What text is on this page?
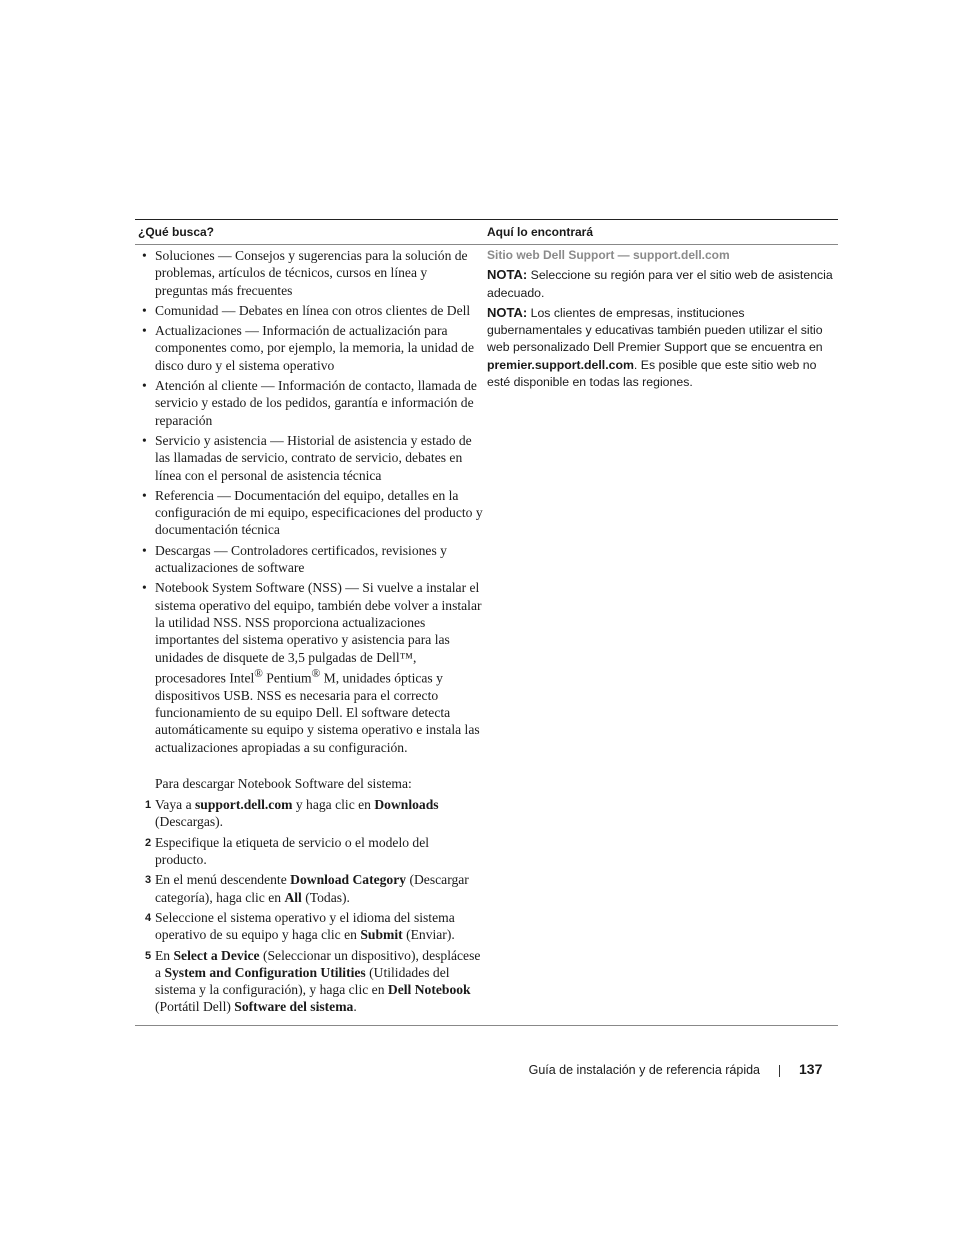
¿Qué busca?	Aquí lo encontrará
• Soluciones — Consejos y sugerencias para la solución de problemas, artículos de técnicos, cursos en línea y preguntas más frecuentes
• Comunidad — Debates en línea con otros clientes de Dell
• Actualizaciones — Información de actualización para componentes como, por ejemplo, la memoria, la unidad de disco duro y el sistema operativo
• Atención al cliente — Información de contacto, llamada de servicio y estado de los pedidos, garantía e información de reparación
• Servicio y asistencia — Historial de asistencia y estado de las llamadas de servicio, contrato de servicio, debates en línea con el personal de asistencia técnica
• Referencia — Documentación del equipo, detalles en la configuración de mi equipo, especificaciones del producto y documentación técnica
• Descargas — Controladores certificados, revisiones y actualizaciones de software
• Notebook System Software (NSS) — Si vuelve a instalar el sistema operativo del equipo, también debe volver a instalar la utilidad NSS. NSS proporciona actualizaciones importantes del sistema operativo y asistencia para las unidades de disquete de 3,5 pulgadas de Dell™, procesadores Intel® Pentium® M, unidades ópticas y dispositivos USB. NSS es necesaria para el correcto funcionamiento de su equipo Dell. El software detecta automáticamente su equipo y sistema operativo e instala las actualizaciones apropiadas a su configuración.
Para descargar Notebook Software del sistema:
1 Vaya a support.dell.com y haga clic en Downloads (Descargas).
2 Especifique la etiqueta de servicio o el modelo del producto.
3 En el menú descendente Download Category (Descargar categoría), haga clic en All (Todas).
4 Seleccione el sistema operativo y el idioma del sistema operativo de su equipo y haga clic en Submit (Enviar).
5 En Select a Device (Seleccionar un dispositivo), desplácese a System and Configuration Utilities (Utilidades del sistema y la configuración), y haga clic en Dell Notebook (Portátil Dell) Software del sistema.
Sitio web Dell Support — support.dell.com
NOTA: Seleccione su región para ver el sitio web de asistencia adecuado.
NOTA: Los clientes de empresas, instituciones gubernamentales y educativas también pueden utilizar el sitio web personalizado Dell Premier Support que se encuentra en premier.support.dell.com. Es posible que este sitio web no esté disponible en todas las regiones.
Guía de instalación y de referencia rápida	137
